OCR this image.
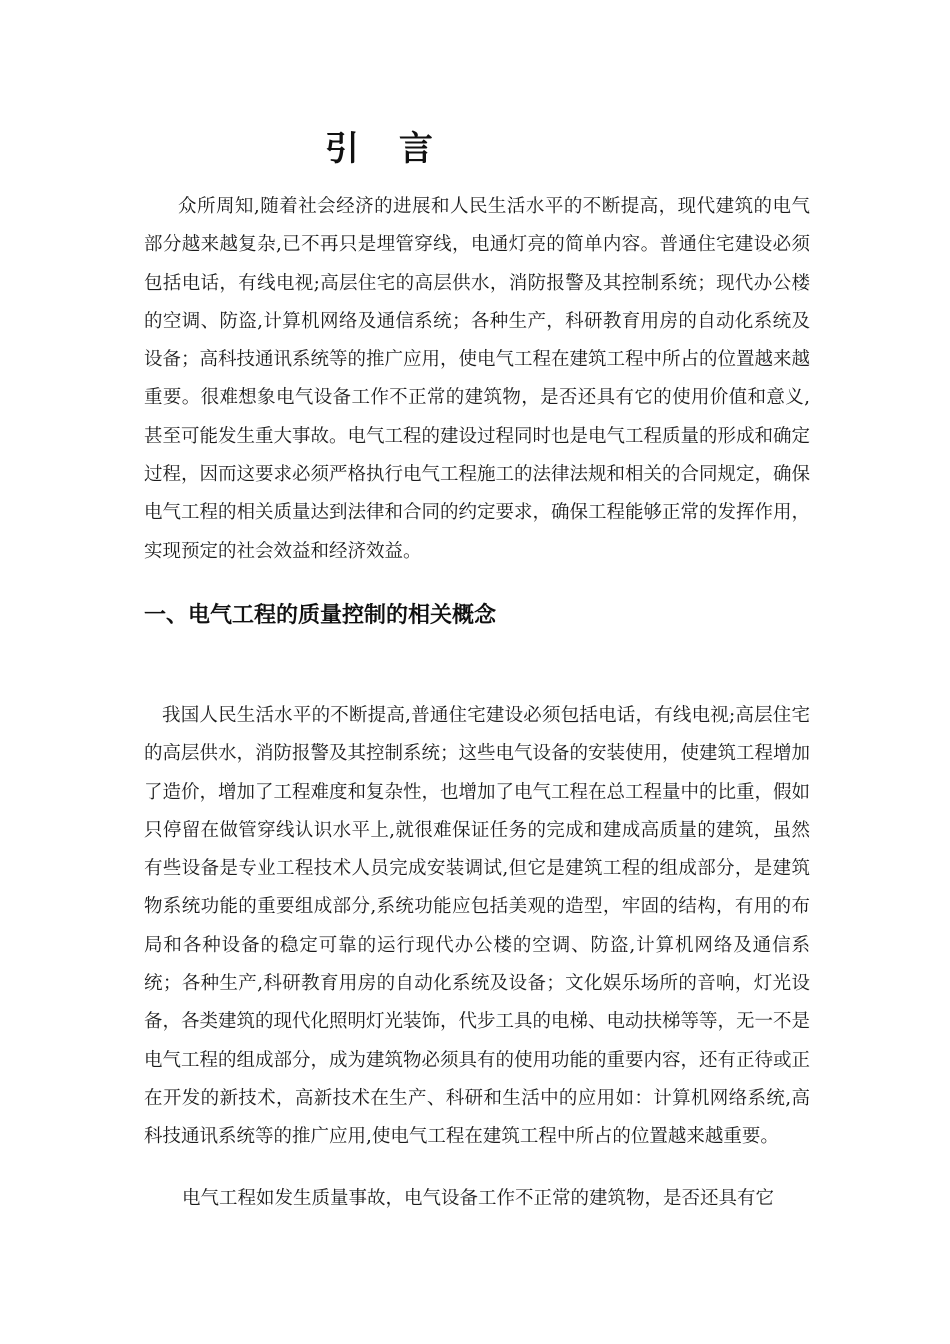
引 言

众所周知,随着社会经济的进展和人民生活水平的不断提高，现代建筑的电气部分越来越复杂,已不再只是埋管穿线，电通灯亮的简单内容。普通住宅建设必须包括电话，有线电视;高层住宅的高层供水，消防报警及其控制系统；现代办公楼的空调、防盗,计算机网络及通信系统；各种生产，科研教育用房的自动化系统及设备；高科技通讯系统等的推广应用，使电气工程在建筑工程中所占的位置越来越重要。很难想象电气设备工作不正常的建筑物，是否还具有它的使用价值和意义,甚至可能发生重大事故。电气工程的建设过程同时也是电气工程质量的形成和确定过程，因而这要求必须严格执行电气工程施工的法律法规和相关的合同规定，确保电气工程的相关质量达到法律和合同的约定要求，确保工程能够正常的发挥作用，实现预定的社会效益和经济效益。

一、电气工程的质量控制的相关概念

我国人民生活水平的不断提高,普通住宅建设必须包括电话，有线电视;高层住宅的高层供水，消防报警及其控制系统；这些电气设备的安装使用，使建筑工程增加了造价，增加了工程难度和复杂性，也增加了电气工程在总工程量中的比重，假如只停留在做管穿线认识水平上,就很难保证任务的完成和建成高质量的建筑，虽然有些设备是专业工程技术人员完成安装调试,但它是建筑工程的组成部分，是建筑物系统功能的重要组成部分,系统功能应包括美观的造型，牢固的结构，有用的布局和各种设备的稳定可靠的运行现代办公楼的空调、防盗,计算机网络及通信系统；各种生产,科研教育用房的自动化系统及设备；文化娱乐场所的音响，灯光设备，各类建筑的现代化照明灯光装饰，代步工具的电梯、电动扶梯等等，无一不是电气工程的组成部分，成为建筑物必须具有的使用功能的重要内容，还有正待或正在开发的新技术，高新技术在生产、科研和生活中的应用如：计算机网络系统,高科技通讯系统等的推广应用,使电气工程在建筑工程中所占的位置越来越重要。

电气工程如发生质量事故，电气设备工作不正常的建筑物，是否还具有它
